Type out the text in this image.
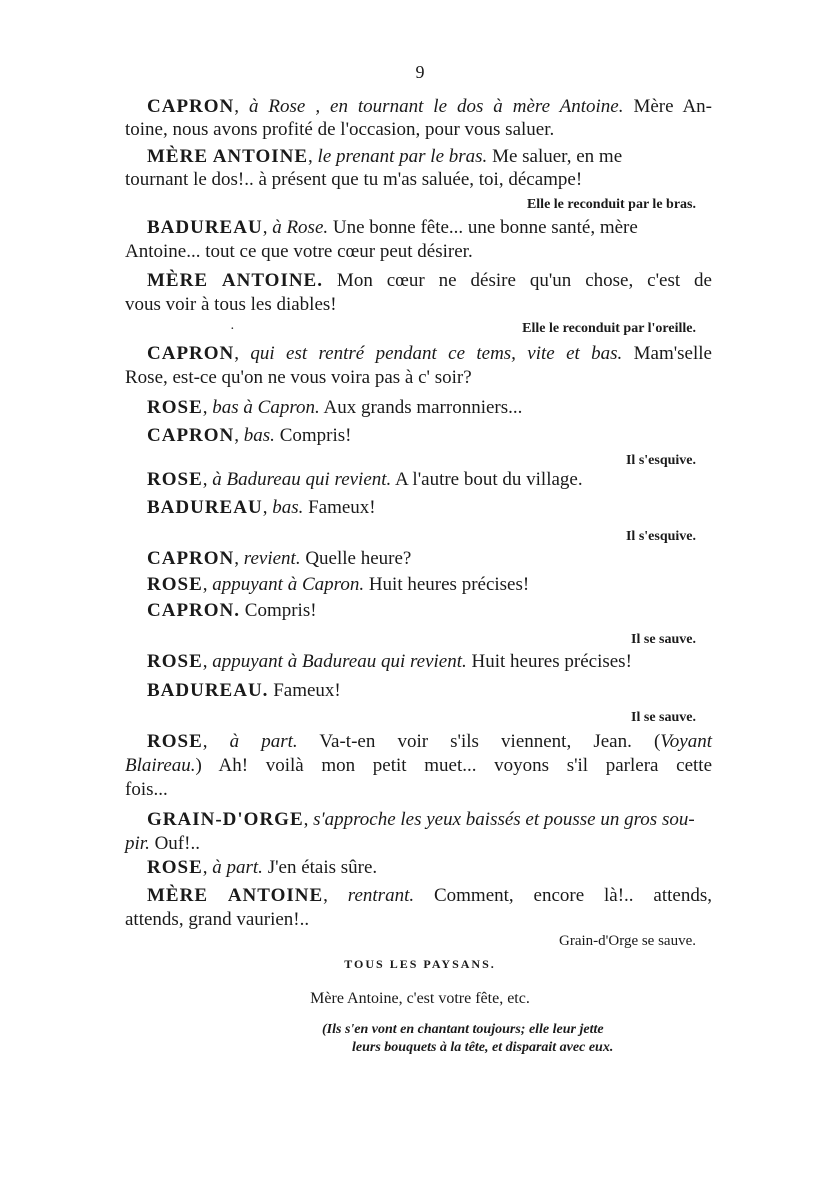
9
CAPRON, à Rose , en tournant le dos à mère Antoine. Mère An-
toine, nous avons profité de l'occasion, pour vous saluer.
MÈRE ANTOINE, le prenant par le bras. Me saluer, en me
tournant le dos!.. à présent que tu m'as saluée, toi, décampe!
BADUREAU, à Rose. Une bonne fête... une bonne santé, mère
Antoine... tout ce que votre cœur peut désirer.
MÈRE ANTOINE. Mon cœur ne désire qu'un chose, c'est de
vous voir à tous les diables!
CAPRON, qui est rentré pendant ce tems, vite et bas. Mam'selle
Rose, est-ce qu'on ne vous voira pas à c' soir?
ROSE, bas à Capron. Aux grands marronniers...
CAPRON, bas. Compris!
ROSE, à Badureau qui revient. A l'autre bout du village.
BADUREAU, bas. Fameux!
CAPRON, revient. Quelle heure?
ROSE, appuyant à Capron. Huit heures précises!
CAPRON. Compris!
ROSE, appuyant à Badureau qui revient. Huit heures précises!
BADUREAU. Fameux!
ROSE, à part. Va-t-en voir s'ils viennent, Jean. (Voyant
Blaireau.) Ah! voilà mon petit muet... voyons s'il parlera cette
fois...
GRAIN-D'ORGE, s'approche les yeux baissés et pousse un gros sou-
pir. Ouf!..
ROSE, à part. J'en étais sûre.
MÈRE ANTOINE, rentrant. Comment, encore là!.. attends,
attends, grand vaurien!..
Elle le reconduit par le bras.
·	Elle le reconduit par l'oreille.
Il s'esquive.
Il s'esquive.
Il se sauve.
Il se sauve.
Grain-d'Orge se sauve.
TOUS LES PAYSANS.
Mère Antoine, c'est votre fête, etc.
(Ils s'en vont en chantant toujours; elle leur jette
leurs bouquets à la tête, et disparait avec eux.
